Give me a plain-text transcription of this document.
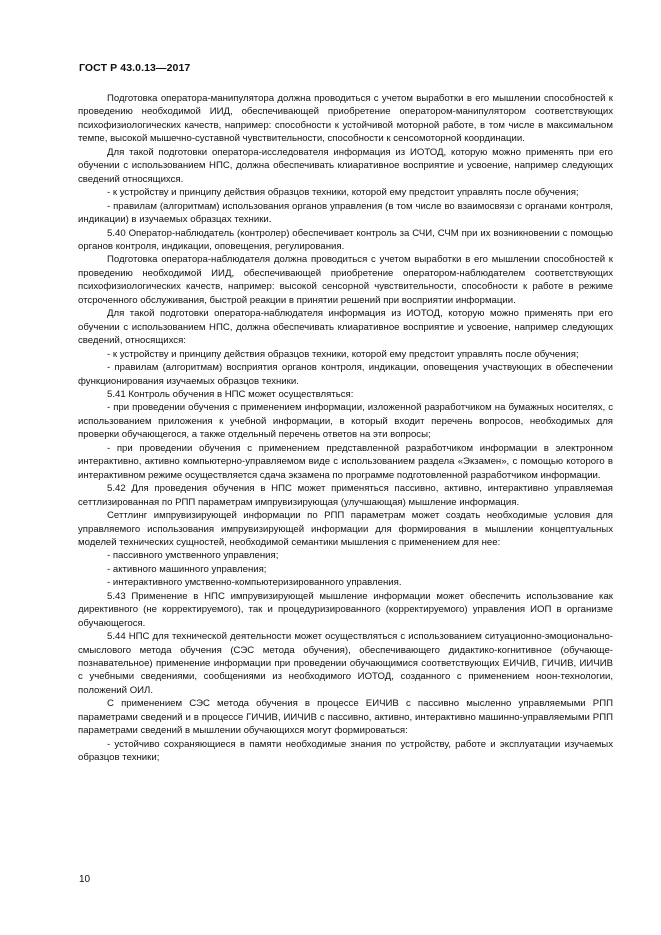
ГОСТ Р 43.0.13—2017

Подготовка оператора-манипулятора должна проводиться с учетом выработки в его мышлении способностей к проведению необходимой ИИД, обеспечивающей приобретение оператором-манипулятором соответствующих психофизиологических качеств, например: способности к устойчивой моторной работе, в том числе в максимальном темпе, высокой мышечно-суставной чувствительности, способности к сенсомоторной координации.

Для такой подготовки оператора-исследователя информация из ИОТОД, которую можно применять при его обучении с использованием НПС, должна обеспечивать клиаративное восприятие и усвоение, например следующих сведений относящихся.

- к устройству и принципу действия образцов техники, которой ему предстоит управлять после обучения;

- правилам (алгоритмам) использования органов управления (в том числе во взаимосвязи с органами контроля, индикации) в изучаемых образцах техники.

5.40 Оператор-наблюдатель (контролер) обеспечивает контроль за СЧИ, СЧМ при их возникновении с помощью органов контроля, индикации, оповещения, регулирования.

Подготовка оператора-наблюдателя должна проводиться с учетом выработки в его мышлении способностей к проведению необходимой ИИД, обеспечивающей приобретение оператором-наблюдателем соответствующих психофизиологических качеств, например: высокой сенсорной чувствительности, способности к работе в режиме отсроченного обслуживания, быстрой реакции в принятии решений при восприятии информации.

Для такой подготовки оператора-наблюдателя информация из ИОТОД, которую можно применять при его обучении с использованием НПС, должна обеспечивать клиаративное восприятие и усвоение, например следующих сведений, относящихся:

- к устройству и принципу действия образцов техники, которой ему предстоит управлять после обучения;

- правилам (алгоритмам) восприятия органов контроля, индикации, оповещения участвующих в обеспечении функционирования изучаемых образцов техники.

5.41 Контроль обучения в НПС может осуществляться:

- при проведении обучения с применением информации, изложенной разработчиком на бумажных носителях, с использованием приложения к учебной информации, в который входит перечень вопросов, необходимых для проверки обучающегося, а также отдельный перечень ответов на эти вопросы;

- при проведении обучения с применением представленной разработчиком информации в электронном интерактивно, активно компьютерно-управляемом виде с использованием раздела «Экзамен», с помощью которого в интерактивном режиме осуществляется сдача экзамена по программе подготовленной разработчиком информации.

5.42 Для проведения обучения в НПС может применяться пассивно, активно, интерактивно управляемая сеттлизированная по РПП параметрам импрувизирующая (улучшающая) мышление информация.

Сеттлинг импрувизирующей информации по РПП параметрам может создать необходимые условия для управляемого использования импрувизирующей информации для формирования в мышлении концептуальных моделей технических сущностей, необходимой семантики мышления с применением для нее:

- пассивного умственного управления;

- активного машинного управления;

- интерактивного умственно-компьютеризированного управления.

5.43 Применение в НПС импрувизирующей мышление информации может обеспечить использование как директивного (не корректируемого), так и процедуризированного (корректируемого) управления ИОП в организме обучающегося.

5.44 НПС для технической деятельности может осуществляться с использованием ситуационно-эмоционально-смыслового метода обучения (СЭС метода обучения), обеспечивающего дидактико-когнитивное (обучающе-познавательное) применение информации при проведении обучающимися соответствующих ЕИЧИВ, ГИЧИВ, ИИЧИВ с учебными сведениями, сообщениями из необходимого ИОТОД, созданного с применением ноон-технологии, положений ОИЛ.

С применением СЭС метода обучения в процессе ЕИЧИВ с пассивно мысленно управляемыми РПП параметрами сведений и в процессе ГИЧИВ, ИИЧИВ с пассивно, активно, интерактивно машинно-управляемыми РПП параметрами сведений в мышлении обучающихся могут формироваться:

- устойчиво сохраняющиеся в памяти необходимые знания по устройству, работе и эксплуатации изучаемых образцов техники;

10
